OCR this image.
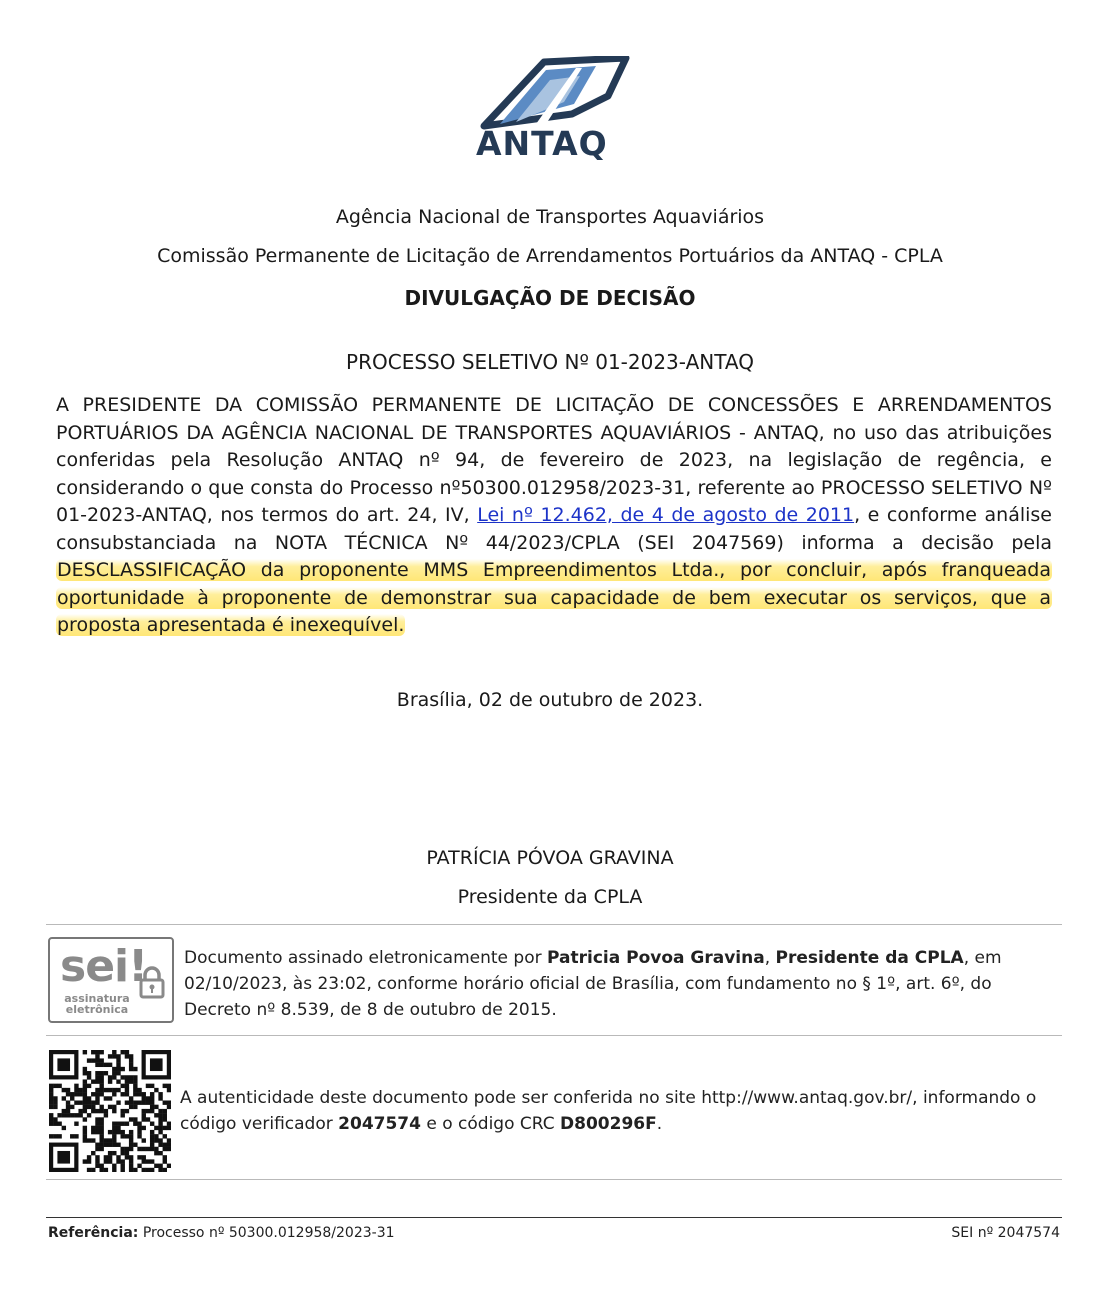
ANTAQ
Agência Nacional de Transportes Aquaviários
Comissão Permanente de Licitação de Arrendamentos Portuários da ANTAQ - CPLA
DIVULGAÇÃO DE DECISÃO
PROCESSO SELETIVO Nº 01-2023-ANTAQ
A PRESIDENTE DA COMISSÃO PERMANENTE DE LICITAÇÃO DE CONCESSÕES E ARRENDAMENTOS PORTUÁRIOS DA AGÊNCIA NACIONAL DE TRANSPORTES AQUAVIÁRIOS - ANTAQ, no uso das atribuições conferidas pela Resolução ANTAQ nº 94, de fevereiro de 2023, na legislação de regência, e considerando o que consta do Processo nº50300.012958/2023-31, referente ao PROCESSO SELETIVO Nº 01-2023-ANTAQ, nos termos do art. 24, IV, Lei nº 12.462, de 4 de agosto de 2011, e conforme análise consubstanciada na NOTA TÉCNICA Nº 44/2023/CPLA (SEI 2047569) informa a decisão pela DESCLASSIFICAÇÃO da proponente MMS Empreendimentos Ltda., por concluir, após franqueada oportunidade à proponente de demonstrar sua capacidade de bem executar os serviços, que a proposta apresentada é inexequível.
Brasília, 02 de outubro de 2023.
PATRÍCIA PÓVOA GRAVINA
Presidente da CPLA
sei!
assinatura
eletrônica
Documento assinado eletronicamente por Patricia Povoa Gravina, Presidente da CPLA, em 02/10/2023, às 23:02, conforme horário oficial de Brasília, com fundamento no § 1º, art. 6º, do Decreto nº 8.539, de 8 de outubro de 2015.
A autenticidade deste documento pode ser conferida no site http://www.antaq.gov.br/, informando o código verificador 2047574 e o código CRC D800296F.
Referência: Processo nº 50300.012958/2023-31	SEI nº 2047574
